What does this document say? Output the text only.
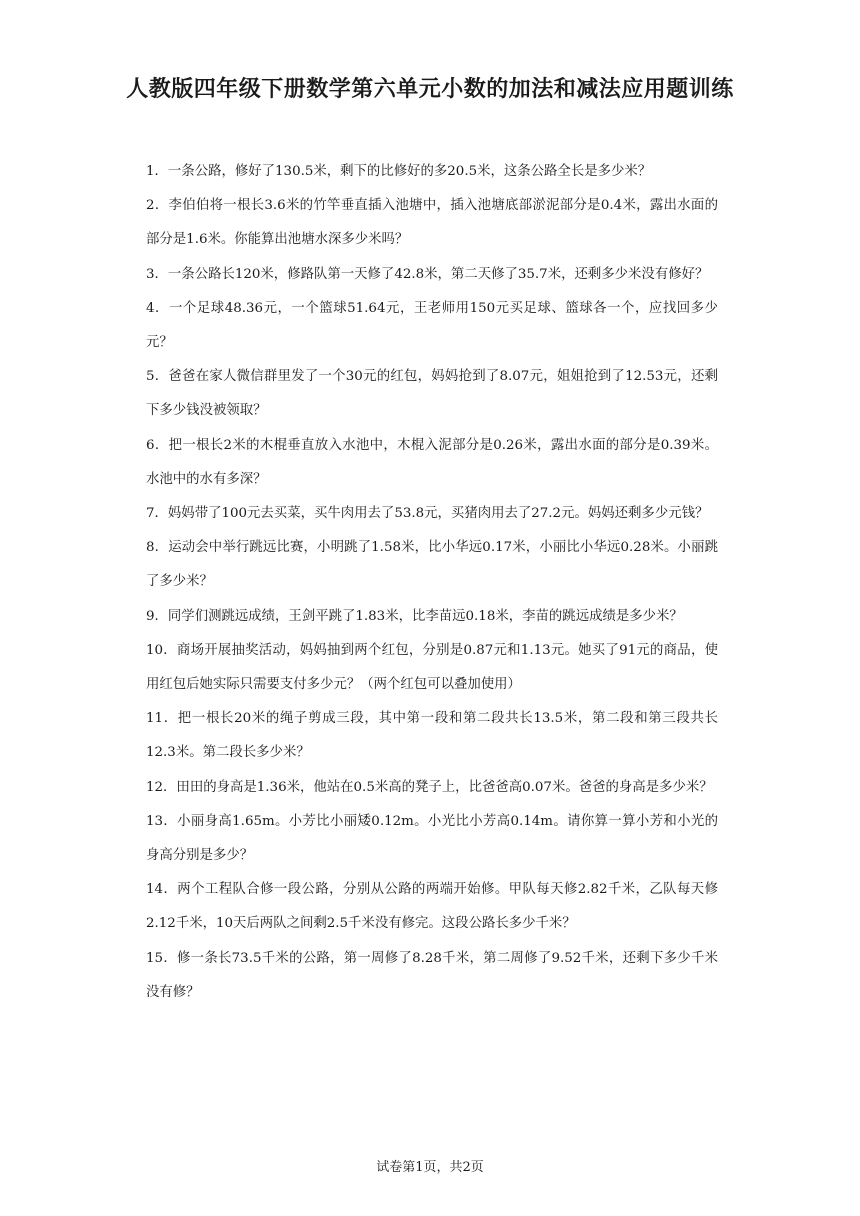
人教版四年级下册数学第六单元小数的加法和减法应用题训练

1．一条公路，修好了130.5米，剩下的比修好的多20.5米，这条公路全长是多少米？

2．李伯伯将一根长3.6米的竹竿垂直插入池塘中，插入池塘底部淤泥部分是0.4米，露出水面的部分是1.6米。你能算出池塘水深多少米吗？

3．一条公路长120米，修路队第一天修了42.8米，第二天修了35.7米，还剩多少米没有修好？

4．一个足球48.36元，一个篮球51.64元，王老师用150元买足球、篮球各一个，应找回多少元？

5．爸爸在家人微信群里发了一个30元的红包，妈妈抢到了8.07元，姐姐抢到了12.53元，还剩下多少钱没被领取？

6．把一根长2米的木棍垂直放入水池中，木棍入泥部分是0.26米，露出水面的部分是0.39米。水池中的水有多深？

7．妈妈带了100元去买菜，买牛肉用去了53.8元，买猪肉用去了27.2元。妈妈还剩多少元钱？

8．运动会中举行跳远比赛，小明跳了1.58米，比小华远0.17米，小丽比小华远0.28米。小丽跳了多少米？

9．同学们测跳远成绩，王剑平跳了1.83米，比李苗远0.18米，李苗的跳远成绩是多少米？

10．商场开展抽奖活动，妈妈抽到两个红包，分别是0.87元和1.13元。她买了91元的商品，使用红包后她实际只需要支付多少元？（两个红包可以叠加使用）

11．把一根长20米的绳子剪成三段，其中第一段和第二段共长13.5米，第二段和第三段共长12.3米。第二段长多少米？

12．田田的身高是1.36米，他站在0.5米高的凳子上，比爸爸高0.07米。爸爸的身高是多少米？

13．小丽身高1.65m。小芳比小丽矮0.12m。小光比小芳高0.14m。请你算一算小芳和小光的身高分别是多少？

14．两个工程队合修一段公路，分别从公路的两端开始修。甲队每天修2.82千米，乙队每天修2.12千米，10天后两队之间剩2.5千米没有修完。这段公路长多少千米？

15．修一条长73.5千米的公路，第一周修了8.28千米，第二周修了9.52千米，还剩下多少千米没有修？

试卷第1页，共2页
